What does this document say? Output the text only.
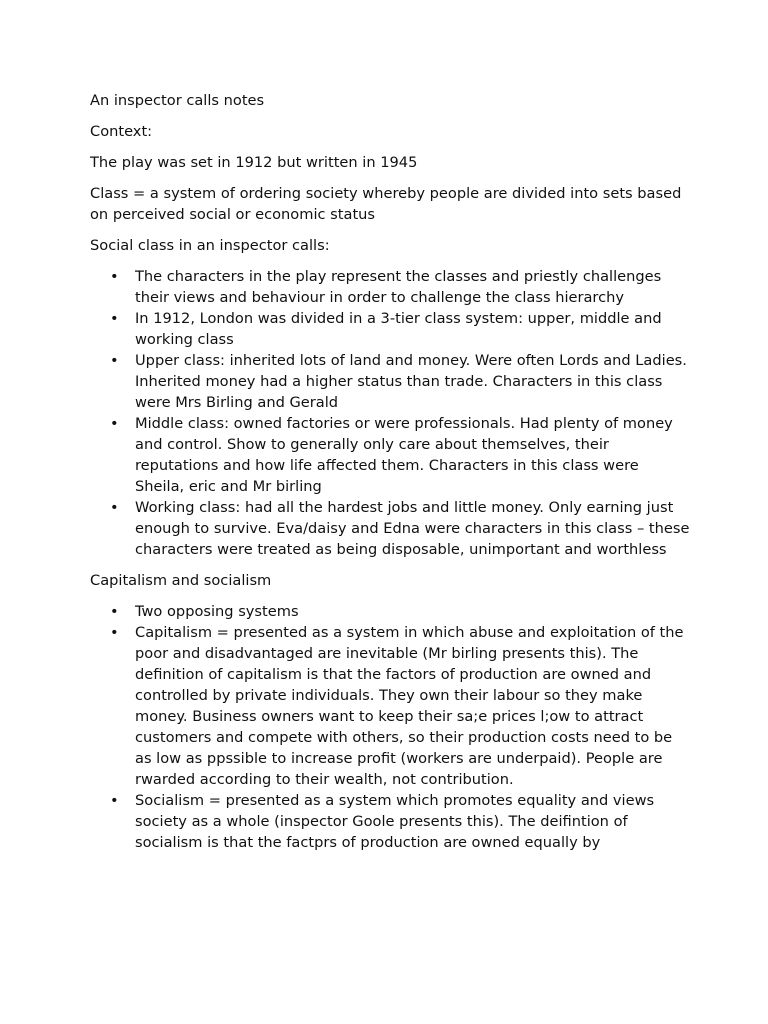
An inspector calls notes

Context:

The play was set in 1912 but written in 1945

Class = a system of ordering society whereby people are divided into sets based on perceived social or economic status

Social class in an inspector calls:

• The characters in the play represent the classes and priestly challenges their views and behaviour in order to challenge the class hierarchy
• In 1912, London was divided in a 3-tier class system: upper, middle and working class
• Upper class: inherited lots of land and money. Were often Lords and Ladies. Inherited money had a higher status than trade. Characters in this class were Mrs Birling and Gerald
• Middle class: owned factories or were professionals. Had plenty of money and control. Show to generally only care about themselves, their reputations and how life affected them. Characters in this class were Sheila, eric and Mr birling
• Working class: had all the hardest jobs and little money. Only earning just enough to survive. Eva/daisy and Edna were characters in this class – these characters were treated as being disposable, unimportant and worthless

Capitalism and socialism

• Two opposing systems
• Capitalism = presented as a system in which abuse and exploitation of the poor and disadvantaged are inevitable (Mr birling presents this). The definition of capitalism is that the factors of production are owned and controlled by private individuals. They own their labour so they make money. Business owners want to keep their sa;e prices l;ow to attract customers and compete with others, so their production costs need to be as low as ppssible to increase profit (workers are underpaid). People are rwarded according to their wealth, not contribution.
• Socialism = presented as a system which promotes equality and views society as a whole (inspector Goole presents this). The deifintion of socialism is that the factprs of production are owned equally by
